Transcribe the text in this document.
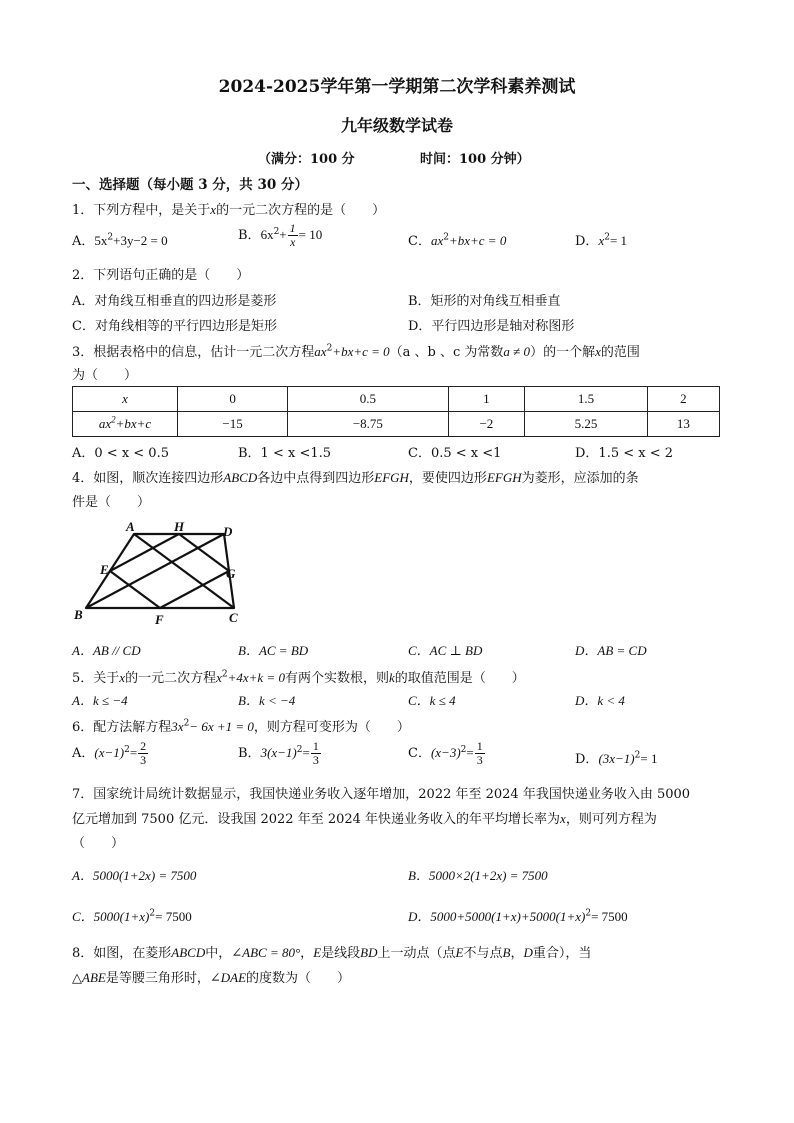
2024-2025学年第一学期第二次学科素养测试
九年级数学试卷
（满分：100 分	时间：100 分钟）
一、选择题（每小题 3 分，共 30 分）
1．下列方程中，是关于x的一元二次方程的是（　　）
A．$5x^2+3y-2 = 0$	B．$6x^2+ \frac{1}{x} = 10$	C．$ax^2+bx+c = 0$	D．$x^2= 1$
2．下列语句正确的是（　　）
A．对角线互相垂直的四边形是菱形	B．矩形的对角线互相垂直
C．对角线相等的平行四边形是矩形	D．平行四边形是轴对称图形
3．根据表格中的信息，估计一元二次方程$ax^2+bx+c = 0(a$ 、b 、c 为常数a ≠ 0）的一个解x的范围
为（　　）
x	0	0.5	1	1.5	2
$ax^2+bx+c$	−15	−8.75	−2	5.25	13
A．0 < x < 0.5	B．1 < x <1.5	C．0.5 < x <1	D．1.5 < x < 2
4．如图，顺次连接四边形ABCD各边中点得到四边形EFGH，要使四边形EFGH为菱形，应添加的条
件是（　　）
A	H	D
E	G
B	F	C
A．AB // CD	B．AC = BD	C．AC ⊥ BD	D．AB = CD
5．关于x的一元二次方程$x^2+4x+k = 0$有两个实数根，则k的取值范围是（　　）
A．k ≤ −4	B．k < −4	C．k ≤ 4	D．k < 4
6．配方法解方程$3x^2- 6x +1 = 0$，则方程可变形为（　　）
A．$(x-1)^2= \frac{2}{3}$	B．$3(x-1)^2= \frac{1}{3}$	C．$(x-3)^2= \frac{1}{3}$	D．$(3x-1)^2= 1$
7．国家统计局统计数据显示，我国快递业务收入逐年增加，2022 年至 2024 年我国快递业务收入由 5000
亿元增加到 7500 亿元．设我国 2022 年至 2024 年快递业务收入的年平均增长率为x，则可列方程为
（　　）
A．5000(1+2x) = 7500	B．5000×2(1+2x) = 7500
C．$5000(1+x)^2= 7500$	D．$5000+5000(1+x)+5000(1+x)^2= 7500$
8．如图，在菱形ABCD中，∠ABC = 80°，E是线段BD上一动点（点E不与点B，D重合），当
△ABE是等腰三角形时，∠DAE的度数为（　　）
